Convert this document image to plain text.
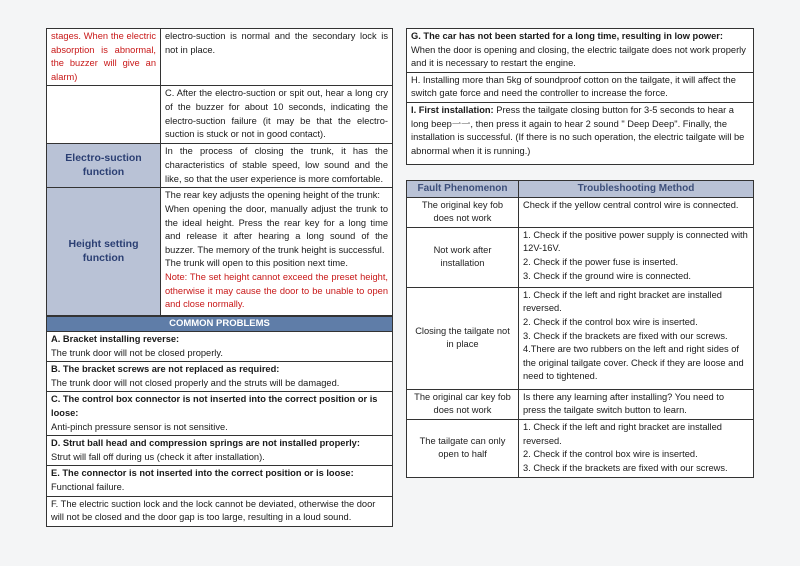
stages. When the electric absorption is abnormal, the buzzer will give an alarm)	electro-suction is normal and the secondary lock is not in place.
	C. After the electro-suction or spit out, hear a long cry of the buzzer for about 10 seconds, indicating the electro-suction failure (it may be that the electro-suction is stuck or not in good contact).
Electro-suction function	In the process of closing the trunk, it has the characteristics of stable speed, low sound and the like, so that the user experience is more comfortable.
Height setting function	The rear key adjusts the opening height of the trunk:
When opening the door, manually adjust the trunk to the ideal height. Press the rear key for a long time and release it after hearing a long sound of the buzzer. The memory of the trunk height is successful.
The trunk will open to this position next time.
Note: The set height cannot exceed the preset height, otherwise it may cause the door to be unable to open and close normally.
COMMON PROBLEMS
A. Bracket installing reverse:
The trunk door will not be closed properly.
B. The bracket screws are not replaced as required:
The trunk door will not closed properly and the struts will be damaged.
C. The control box connector is not inserted into the correct position or is loose:
Anti-pinch pressure sensor is not sensitive.
D. Strut ball head and compression springs are not installed properly:
Strut will fall off during us (check it after installation).
E. The connector is not inserted into the correct position or is loose:
Functional failure.
F. The electric suction lock and the lock cannot be deviated, otherwise the door will not be closed and the door gap is too large, resulting in a loud sound.
G. The car has not been started for a long time, resulting in low power:
When the door is opening and closing, the electric tailgate does not work properly and it is necessary to restart the engine.

H. Installing more than 5kg of soundproof cotton on the tailgate, it will affect the switch gate force and need the controller to increase the force.
I. First installation: Press the tailgate closing button for 3-5 seconds to hear a long beep一一, then press it again to hear 2 sound " Deep Deep". Finally, the installation is successful. (If there is no such operation, the electric tailgate will be abnormal when it is running.)
Fault Phenomenon	Troubleshooting Method
The original key fob does not work	Check if the yellow central control wire is connected.

Not work after installation	1. Check if the positive power supply is connected with 12V-16V.
2. Check if the power fuse is inserted.
3. Check if the ground wire is connected.

Closing the tailgate not in place	1. Check if the left and right bracket are installed reversed.
2. Check if the control box wire is inserted.
3. Check if the brackets are fixed with our screws.
4.There are two rubbers on the left and right sides of the original tailgate cover. Check if they are loose and need to tightened.

The original car key fob does not work	Is there any learning after installing? You need to press the tailgate switch button to learn.

The tailgate can only open to half	1. Check if the left and right bracket are installed reversed.
2. Check if the control box wire is inserted.
3. Check if the brackets are fixed with our screws.
